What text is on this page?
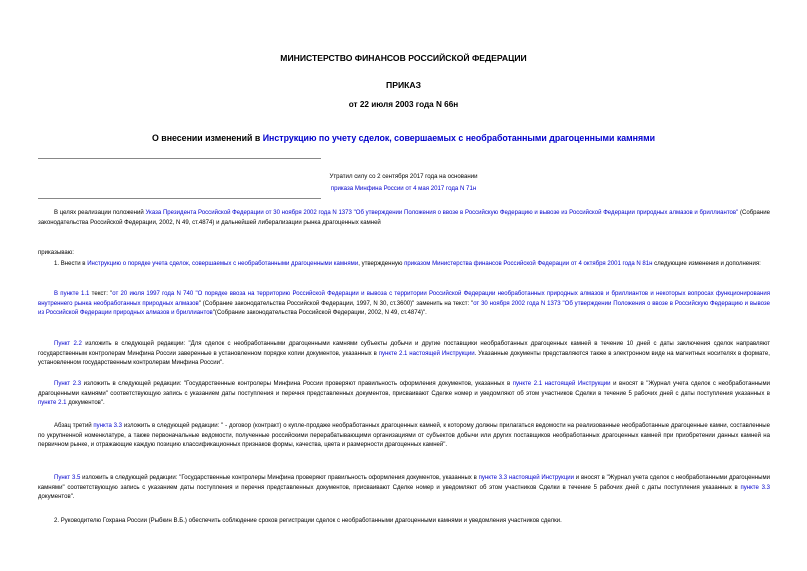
МИНИСТЕРСТВО ФИНАНСОВ РОССИЙСКОЙ ФЕДЕРАЦИИ
ПРИКАЗ
от 22 июля 2003 года N 66н
О внесении изменений в Инструкцию по учету сделок, совершаемых с необработанными драгоценными камнями
Утратил силу со 2 сентября 2017 года на основании
приказа Минфина России от 4 мая 2017 года N 71н
В целях реализации положений Указа Президента Российской Федерации от 30 ноября 2002 года N 1373 "Об утверждении Положения о ввозе в Российскую Федерацию и вывозе из Российской Федерации природных алмазов и бриллиантов" (Собрание законодательства Российской Федерации, 2002, N 49, ст.4874) и дальнейшей либерализации рынка драгоценных камней
приказываю:
1. Внести в Инструкцию о порядке учета сделок, совершаемых с необработанными драгоценными камнями, утвержденную приказом Министерства финансов Российской Федерации от 4 октября 2001 года N 81н следующие изменения и дополнения:
В пункте 1.1 текст: "от 20 июля 1997 года N 740 "О порядке ввоза на территорию Российской Федерации и вывоза с территории Российской Федерации необработанных природных алмазов и бриллиантов и некоторых вопросах функционирования внутреннего рынка необработанных природных алмазов" (Собрание законодательства Российской Федерации, 1997, N 30, ст.3600)" заменить на текст: "от 30 ноября 2002 года N 1373 "Об утверждении Положения о ввозе в Российскую Федерацию и вывозе из Российской Федерации природных алмазов и бриллиантов"(Собрание законодательства Российской Федерации, 2002, N 49, ст.4874)".
Пункт 2.2 изложить в следующей редакции: "Для сделок с необработанными драгоценными камнями субъекты добычи и другие поставщики необработанных драгоценных камней в течение 10 дней с даты заключения сделок направляют государственным контролерам Минфина России заверенные в установленном порядке копии документов, указанных в пункте 2.1 настоящей Инструкции. Указанные документы представляются также в электронном виде на магнитных носителях в формате, установленном государственным контролерам Минфина России".
Пункт 2.3 изложить в следующей редакции: "Государственные контролеры Минфина России проверяют правильность оформления документов, указанных в пункте 2.1 настоящей Инструкции и вносят в "Журнал учета сделок с необработанными драгоценными камнями" соответствующую запись с указанием даты поступления и перечня представленных документов, присваивают Сделке номер и уведомляют об этом участников Сделки в течение 5 рабочих дней с даты поступления указанных в пункте 2.1 документов".
Абзац третий пункта 3.3 изложить в следующей редакции: " - договор (контракт) о купле-продаже необработанных драгоценных камней, к которому должны прилагаться ведомости на реализованные необработанные драгоценные камни, составленные по укрупненной номенклатуре, а также первоначальные ведомости, полученные российскими перерабатывающими организациями от субъектов добычи или других поставщиков необработанных драгоценных камней при приобретении данных камней на первичном рынке, и отражающие каждую позицию классификационных признаков формы, качества, цвета и размерности драгоценных камней".
Пункт 3.5 изложить в следующей редакции: "Государственные контролеры Минфина проверяют правильность оформления документов, указанных в пункте 3.3 настоящей Инструкции и вносят в "Журнал учета сделок с необработанными драгоценными камнями" соответствующую запись с указанием даты поступления и перечня представленных документов, присваивают Сделке номер и уведомляют об этом участников Сделки в течение 5 рабочих дней с даты поступления указанных в пункте 3.3 документов".
2. Руководителю Гохрана России (Рыбкин В.Б.) обеспечить соблюдение сроков регистрации сделок с необработанными драгоценными камнями и уведомления участников сделки.
